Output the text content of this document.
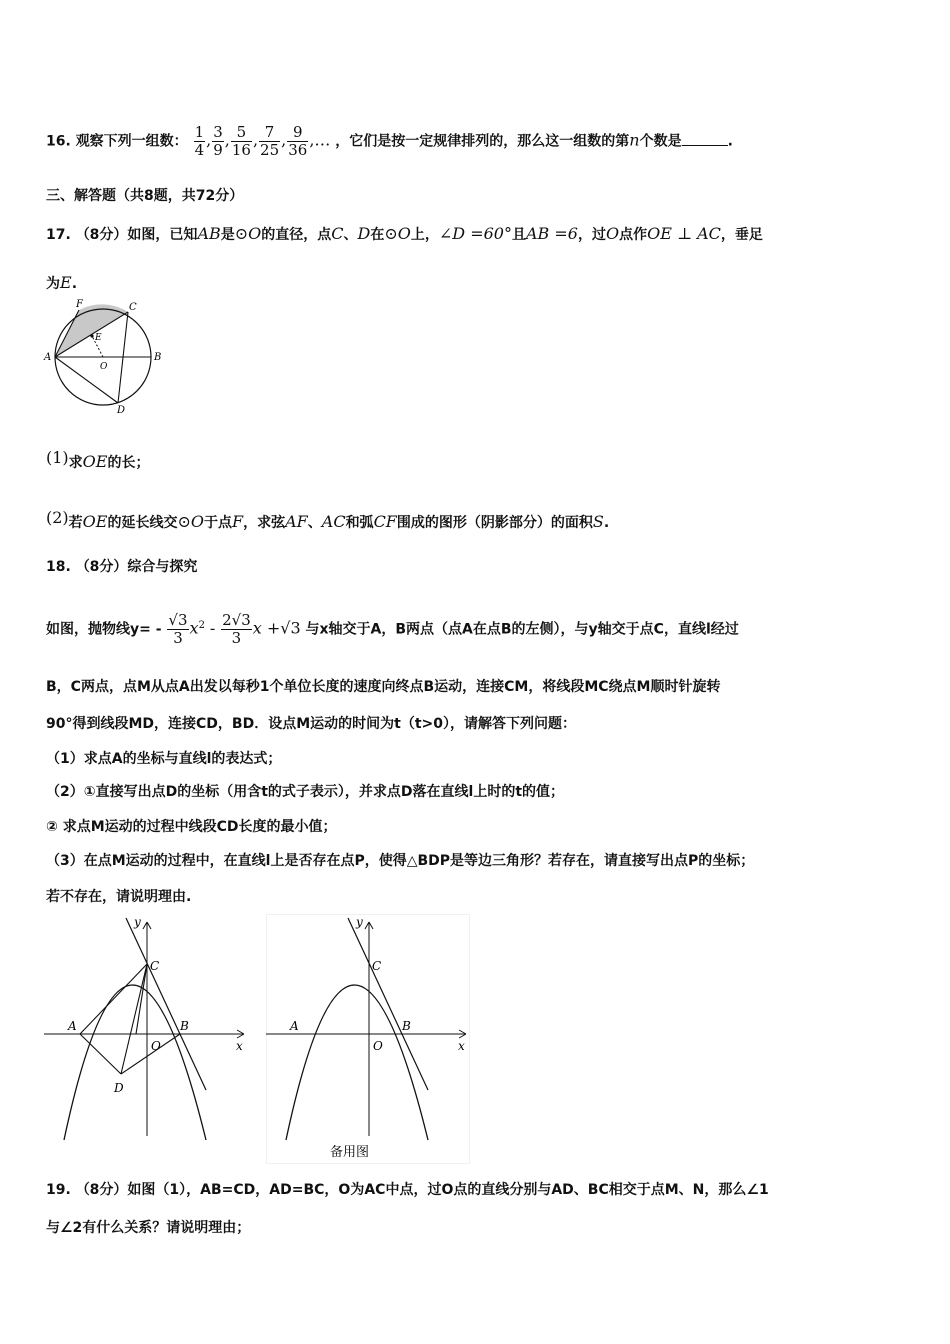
16. 观察下列一组数： $\frac{1}{4}$ , $\frac{3}{9}$ , $\frac{5}{16}$ , $\frac{7}{25}$ , $\frac{9}{36}$ ,… ，它们是按一定规律排列的，那么这一组数的第n个数是	.
三、解答题（共8题，共72分）
17. （8分）如图，已知AB是⊙O的直径，点C、D在⊙O上，∠D =60°且AB =6，过O点作OE ⊥ AC，垂足
为E.
F	C
A
E
O
B
D
(1)求OE的长；
(2)若OE的延长线交⊙O于点F，求弦AF、AC和弧CF围成的图形（阴影部分）的面积S.
18. （8分）综合与探究
如图，抛物线$y= - \frac{√3}{3} x^2 - \frac{2√3}{3}$ x +√3 与x轴交于A，B两点（点A在点B的左侧），与y轴交于点C，直线l经过
B，C两点，点M从点A出发以每秒1个单位长度的速度向终点B运动，连接CM，将线段MC绕点M顺时针旋转
90°得到线段MD，连接CD，BD．设点M运动的时间为t（t>0），请解答下列问题：
（1）求点A的坐标与直线l的表达式；
（2）①直接写出点D的坐标（用含t的式子表示），并求点D落在直线l上时的t的值；
② 求点M运动的过程中线段CD长度的最小值；
（3）在点M运动的过程中，在直线l上是否存在点P，使得△BDP是等边三角形？若存在，请直接写出点P的坐标；
若不存在，请说明理由.
y
C
A	B
O	x
D
y
C
A	B
O	x
备用图
19. （8分）如图（1），AB=CD，AD=BC，O为AC中点，过O点的直线分别与AD、BC相交于点M、N，那么∠1
与∠2有什么关系？请说明理由；
